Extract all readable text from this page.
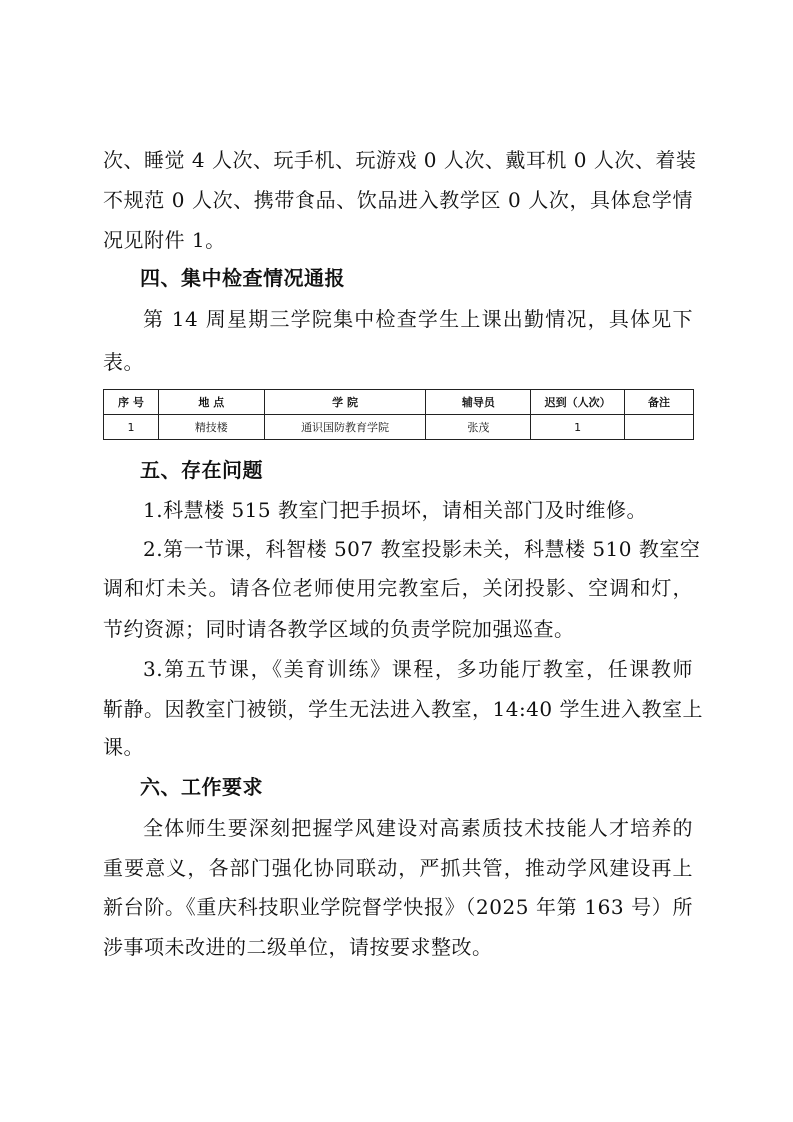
次、睡觉 4 人次、玩手机、玩游戏 0 人次、戴耳机 0 人次、着装
不规范 0 人次、携带食品、饮品进入教学区 0 人次，具体怠学情
况见附件 1。
四、集中检查情况通报
第 14 周星期三学院集中检查学生上课出勤情况，具体见下
表。
序 号	地 点	学 院	辅导员	迟到（人次）	备注
1	精技楼	通识国防教育学院	张茂	1	
五、存在问题
1.科慧楼 515 教室门把手损坏，请相关部门及时维修。
2.第一节课，科智楼 507 教室投影未关，科慧楼 510 教室空
调和灯未关。请各位老师使用完教室后，关闭投影、空调和灯，
节约资源；同时请各教学区域的负责学院加强巡查。
3.第五节课，《美育训练》课程，多功能厅教室，任课教师
靳静。因教室门被锁，学生无法进入教室，14:40 学生进入教室上
课。
六、工作要求
全体师生要深刻把握学风建设对高素质技术技能人才培养的
重要意义，各部门强化协同联动，严抓共管，推动学风建设再上
新台阶。《重庆科技职业学院督学快报》（2025 年第 163 号）所
涉事项未改进的二级单位，请按要求整改。
